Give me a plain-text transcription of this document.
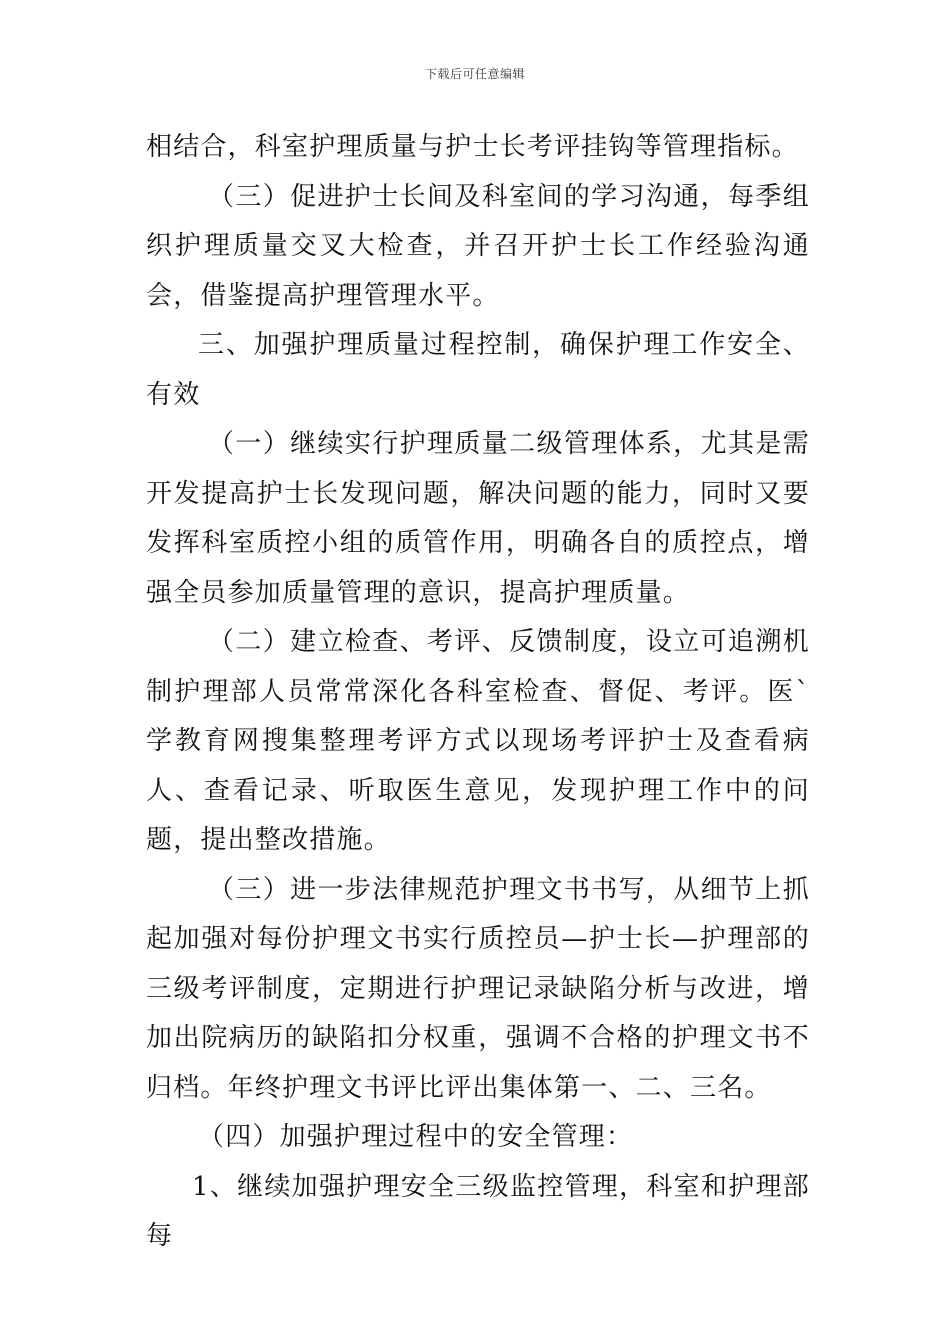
下载后可任意编辑

相结合，科室护理质量与护士长考评挂钩等管理指标。

（三）促进护士长间及科室间的学习沟通，每季组织护理质量交叉大检查，并召开护士长工作经验沟通会，借鉴提高护理管理水平。

三、加强护理质量过程控制，确保护理工作安全、有效

（一）继续实行护理质量二级管理体系，尤其是需开发提高护士长发现问题，解决问题的能力，同时又要发挥科室质控小组的质管作用，明确各自的质控点，增强全员参加质量管理的意识，提高护理质量。

（二）建立检查、考评、反馈制度，设立可追溯机制护理部人员常常深化各科室检查、督促、考评。医`学教育网搜集整理考评方式以现场考评护士及查看病人、查看记录、听取医生意见，发现护理工作中的问题，提出整改措施。

（三）进一步法律规范护理文书书写，从细节上抓起加强对每份护理文书实行质控员—护士长—护理部的三级考评制度，定期进行护理记录缺陷分析与改进，增加出院病历的缺陷扣分权重，强调不合格的护理文书不归档。年终护理文书评比评出集体第一、二、三名。

（四）加强护理过程中的安全管理：

1、继续加强护理安全三级监控管理，科室和护理部每
